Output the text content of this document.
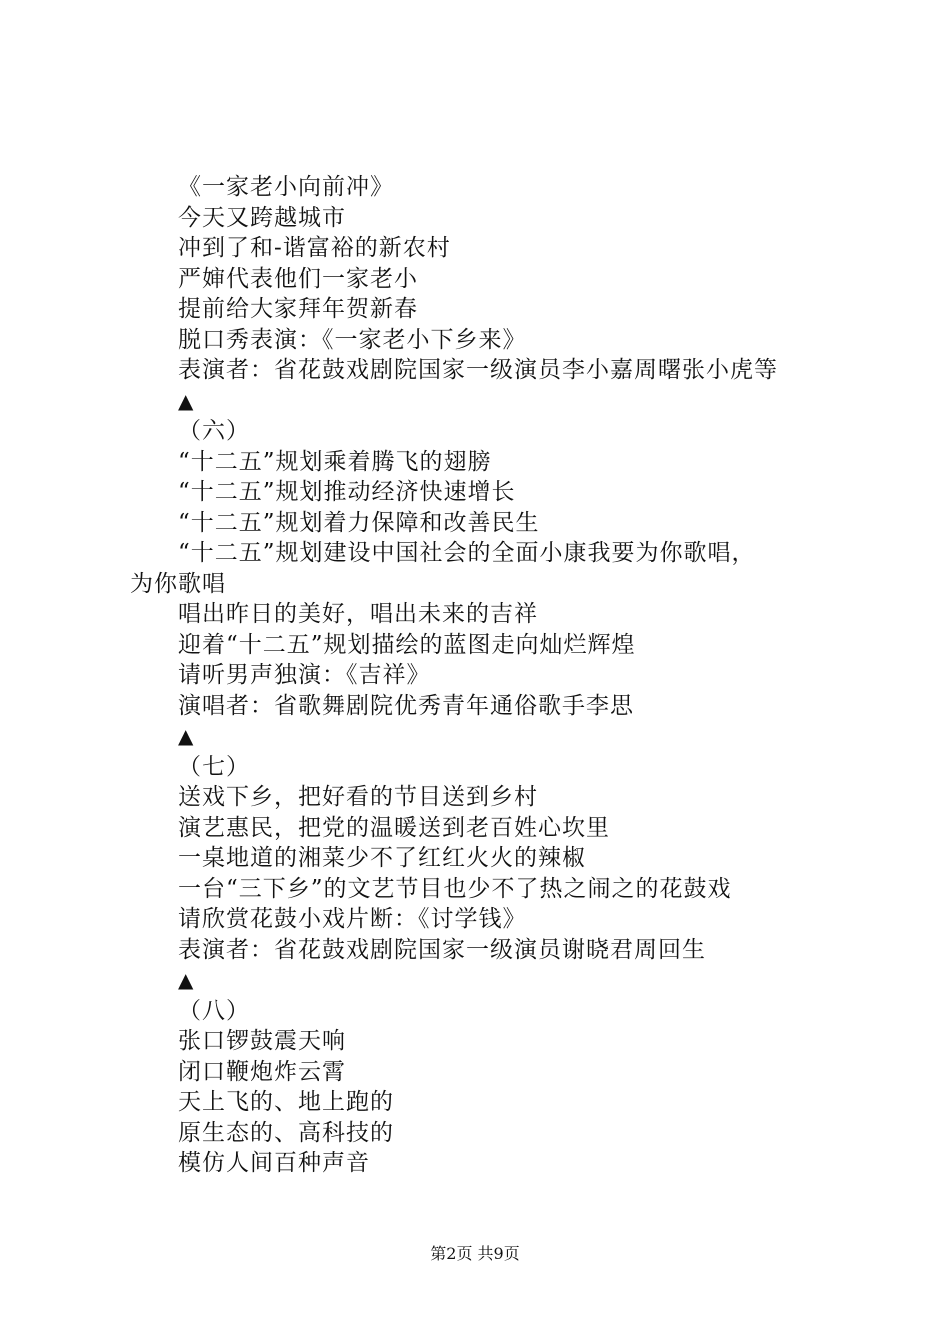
《一家老小向前冲》
今天又跨越城市
冲到了和-谐富裕的新农村
严婶代表他们一家老小
提前给大家拜年贺新春
脱口秀表演：《一家老小下乡来》
表演者：省花鼓戏剧院国家一级演员李小嘉周曙张小虎等
▲
（六）
“十二五”规划乘着腾飞的翅膀
“十二五”规划推动经济快速增长
“十二五”规划着力保障和改善民生
“十二五”规划建设中国社会的全面小康我要为你歌唱，
为你歌唱
唱出昨日的美好，唱出未来的吉祥
迎着“十二五”规划描绘的蓝图走向灿烂辉煌
请听男声独演：《吉祥》
演唱者：省歌舞剧院优秀青年通俗歌手李思
▲
（七）
送戏下乡，把好看的节目送到乡村
演艺惠民，把党的温暖送到老百姓心坎里
一桌地道的湘菜少不了红红火火的辣椒
一台“三下乡”的文艺节目也少不了热之闹之的花鼓戏
请欣赏花鼓小戏片断：《讨学钱》
表演者：省花鼓戏剧院国家一级演员谢晓君周回生
▲
（八）
张口锣鼓震天响
闭口鞭炮炸云霄
天上飞的、地上跑的
原生态的、高科技的
模仿人间百种声音
第2页 共9页
